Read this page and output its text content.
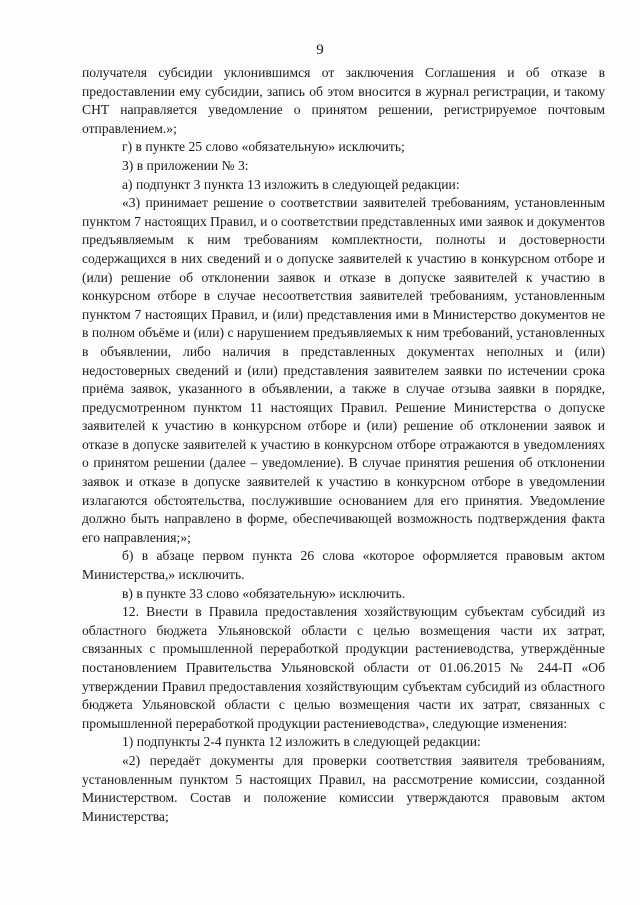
9

получателя субсидии уклонившимся от заключения Соглашения и об отказе в предоставлении ему субсидии, запись об этом вносится в журнал регистрации, и такому СНТ направляется уведомление о принятом решении, регистрируемое почтовым отправлением.»;

г) в пункте 25 слово «обязательную» исключить;

3) в приложении № 3:

а) подпункт 3 пункта 13 изложить в следующей редакции:

«3) принимает решение о соответствии заявителей требованиям, установленным пунктом 7 настоящих Правил, и о соответствии представленных ими заявок и документов предъявляемым к ним требованиям комплектности, полноты и достоверности содержащихся в них сведений и о допуске заявителей к участию в конкурсном отборе и (или) решение об отклонении заявок и отказе в допуске заявителей к участию в конкурсном отборе в случае несоответствия заявителей требованиям, установленным пунктом 7 настоящих Правил, и (или) представления ими в Министерство документов не в полном объёме и (или) с нарушением предъявляемых к ним требований, установленных в объявлении, либо наличия в представленных документах неполных и (или) недостоверных сведений и (или) представления заявителем заявки по истечении срока приёма заявок, указанного в объявлении, а также в случае отзыва заявки в порядке, предусмотренном пунктом 11 настоящих Правил. Решение Министерства о допуске заявителей к участию в конкурсном отборе и (или) решение об отклонении заявок и отказе в допуске заявителей к участию в конкурсном отборе отражаются в уведомлениях о принятом решении (далее – уведомление). В случае принятия решения об отклонении заявок и отказе в допуске заявителей к участию в конкурсном отборе в уведомлении излагаются обстоятельства, послужившие основанием для его принятия. Уведомление должно быть направлено в форме, обеспечивающей возможность подтверждения факта его направления;»;

б) в абзаце первом пункта 26 слова «которое оформляется правовым актом Министерства,» исключить.

в) в пункте 33 слово «обязательную» исключить.

12. Внести в Правила предоставления хозяйствующим субъектам субсидий из областного бюджета Ульяновской области с целью возмещения части их затрат, связанных с промышленной переработкой продукции растениеводства, утверждённые постановлением Правительства Ульяновской области от 01.06.2015 № 244-П «Об утверждении Правил предоставления хозяйствующим субъектам субсидий из областного бюджета Ульяновской области с целью возмещения части их затрат, связанных с промышленной переработкой продукции растениеводства», следующие изменения:

1) подпункты 2-4 пункта 12 изложить в следующей редакции:

«2) передаёт документы для проверки соответствия заявителя требованиям, установленным пунктом 5 настоящих Правил, на рассмотрение комиссии, созданной Министерством. Состав и положение комиссии утверждаются правовым актом Министерства;
